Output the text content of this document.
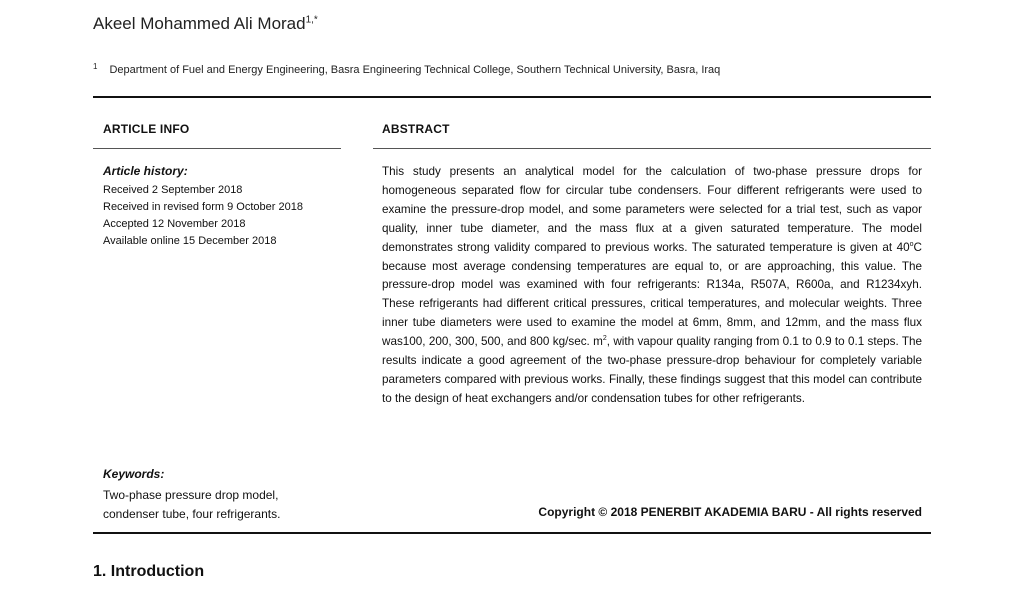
Akeel Mohammed Ali Morad$^{1,*}$
$^1$ Department of Fuel and Energy Engineering, Basra Engineering Technical College, Southern Technical University, Basra, Iraq
ARTICLE INFO	ABSTRACT
Article history:
Received 2 September 2018
Received in revised form 9 October 2018
Accepted 12 November 2018
Available online 15 December 2018
This study presents an analytical model for the calculation of two-phase pressure drops for homogeneous separated flow for circular tube condensers. Four different refrigerants were used to examine the pressure-drop model, and some parameters were selected for a trial test, such as vapor quality, inner tube diameter, and the mass flux at a given saturated temperature. The model demonstrates strong validity compared to previous works. The saturated temperature is given at 40$^o$C because most average condensing temperatures are equal to, or are approaching, this value. The pressure-drop model was examined with four refrigerants: R134a, R507A, R600a, and R1234xyh. These refrigerants had different critical pressures, critical temperatures, and molecular weights. Three inner tube diameters were used to examine the model at 6mm, 8mm, and 12mm, and the mass flux was100, 200, 300, 500, and 800 kg/sec. $m^2$, with vapour quality ranging from 0.1 to 0.9 to 0.1 steps. The results indicate a good agreement of the two-phase pressure-drop behaviour for completely variable parameters compared with previous works. Finally, these findings suggest that this model can contribute to the design of heat exchangers and/or condensation tubes for other refrigerants.
Keywords:
Two-phase pressure drop model,
condenser tube, four refrigerants.	Copyright © 2018 PENERBIT AKADEMIA BARU - All rights reserved
1. Introduction
